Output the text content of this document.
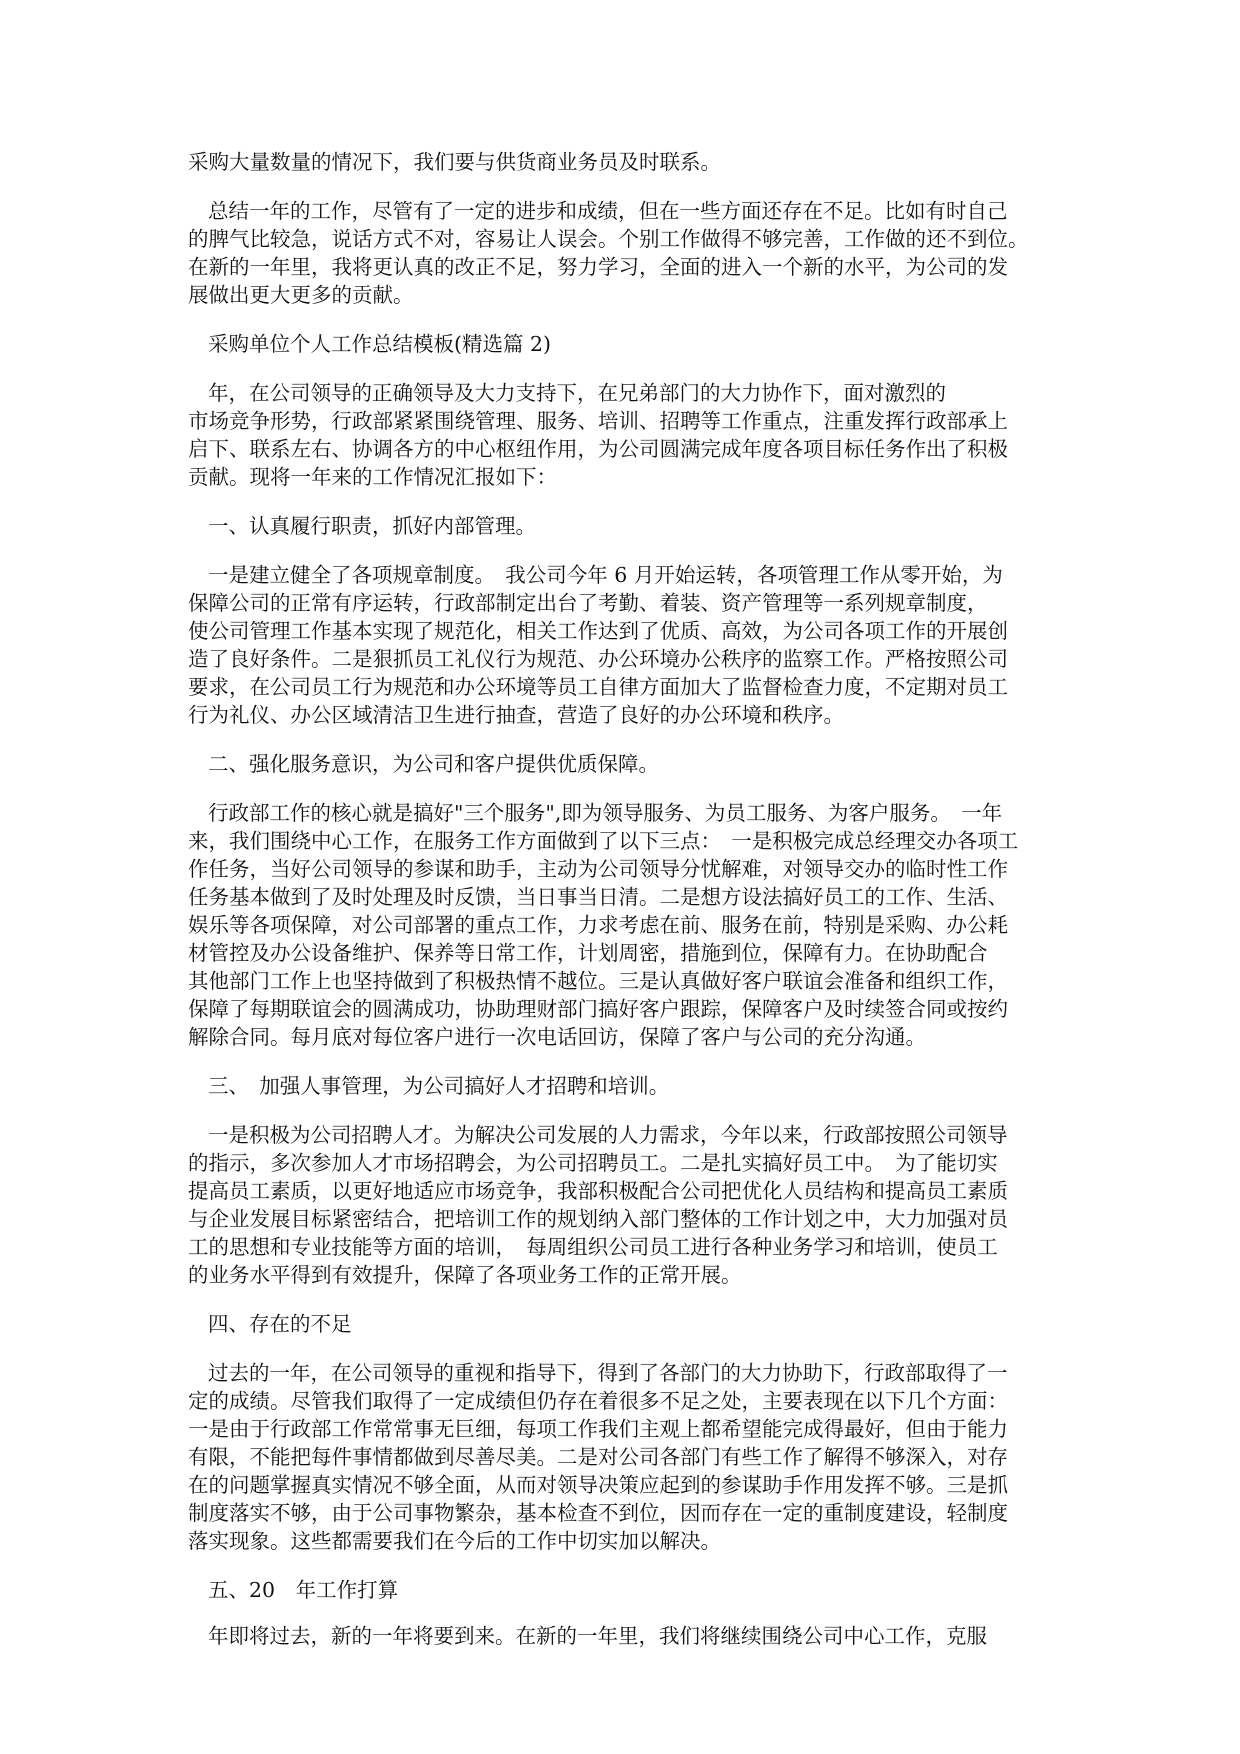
采购大量数量的情况下，我们要与供货商业务员及时联系。
总结一年的工作，尽管有了一定的进步和成绩，但在一些方面还存在不足。比如有时自己
的脾气比较急，说话方式不对，容易让人误会。个别工作做得不够完善，工作做的还不到位。
在新的一年里，我将更认真的改正不足，努力学习，全面的进入一个新的水平，为公司的发
展做出更大更多的贡献。
采购单位个人工作总结模板(精选篇 2)
年，在公司领导的正确领导及大力支持下，在兄弟部门的大力协作下，面对激烈的
市场竞争形势，行政部紧紧围绕管理、服务、培训、招聘等工作重点，注重发挥行政部承上
启下、联系左右、协调各方的中心枢纽作用，为公司圆满完成年度各项目标任务作出了积极
贡献。现将一年来的工作情况汇报如下：
一、认真履行职责，抓好内部管理。
一是建立健全了各项规章制度。　我公司今年 6 月开始运转，各项管理工作从零开始，为
保障公司的正常有序运转，行政部制定出台了考勤、着装、资产管理等一系列规章制度，
使公司管理工作基本实现了规范化，相关工作达到了优质、高效，为公司各项工作的开展创
造了良好条件。二是狠抓员工礼仪行为规范、办公环境办公秩序的监察工作。严格按照公司
要求，在公司员工行为规范和办公环境等员工自律方面加大了监督检查力度，不定期对员工
行为礼仪、办公区域清洁卫生进行抽查，营造了良好的办公环境和秩序。
二、强化服务意识，为公司和客户提供优质保障。
行政部工作的核心就是搞好"三个服务",即为领导服务、为员工服务、为客户服务。　一年
来，我们围绕中心工作，在服务工作方面做到了以下三点：　一是积极完成总经理交办各项工
作任务，当好公司领导的参谋和助手，主动为公司领导分忧解难，对领导交办的临时性工作
任务基本做到了及时处理及时反馈，当日事当日清。二是想方设法搞好员工的工作、生活、
娱乐等各项保障，对公司部署的重点工作，力求考虑在前、服务在前，特别是采购、办公耗
材管控及办公设备维护、保养等日常工作，计划周密，措施到位，保障有力。在协助配合
其他部门工作上也坚持做到了积极热情不越位。三是认真做好客户联谊会准备和组织工作，
保障了每期联谊会的圆满成功，协助理财部门搞好客户跟踪，保障客户及时续签合同或按约
解除合同。每月底对每位客户进行一次电话回访，保障了客户与公司的充分沟通。
三、　加强人事管理，为公司搞好人才招聘和培训。
一是积极为公司招聘人才。为解决公司发展的人力需求，今年以来，行政部按照公司领导
的指示，多次参加人才市场招聘会，为公司招聘员工。二是扎实搞好员工中。　为了能切实
提高员工素质，以更好地适应市场竞争，我部积极配合公司把优化人员结构和提高员工素质
与企业发展目标紧密结合，把培训工作的规划纳入部门整体的工作计划之中，大力加强对员
工的思想和专业技能等方面的培训，　每周组织公司员工进行各种业务学习和培训，使员工
的业务水平得到有效提升，保障了各项业务工作的正常开展。
四、存在的不足
过去的一年，在公司领导的重视和指导下，得到了各部门的大力协助下，行政部取得了一
定的成绩。尽管我们取得了一定成绩但仍存在着很多不足之处，主要表现在以下几个方面：
一是由于行政部工作常常事无巨细，每项工作我们主观上都希望能完成得最好，但由于能力
有限，不能把每件事情都做到尽善尽美。二是对公司各部门有些工作了解得不够深入，对存
在的问题掌握真实情况不够全面，从而对领导决策应起到的参谋助手作用发挥不够。三是抓
制度落实不够，由于公司事物繁杂，基本检查不到位，因而存在一定的重制度建设，轻制度
落实现象。这些都需要我们在今后的工作中切实加以解决。
五、20　年工作打算
年即将过去，新的一年将要到来。在新的一年里，我们将继续围绕公司中心工作，克服
